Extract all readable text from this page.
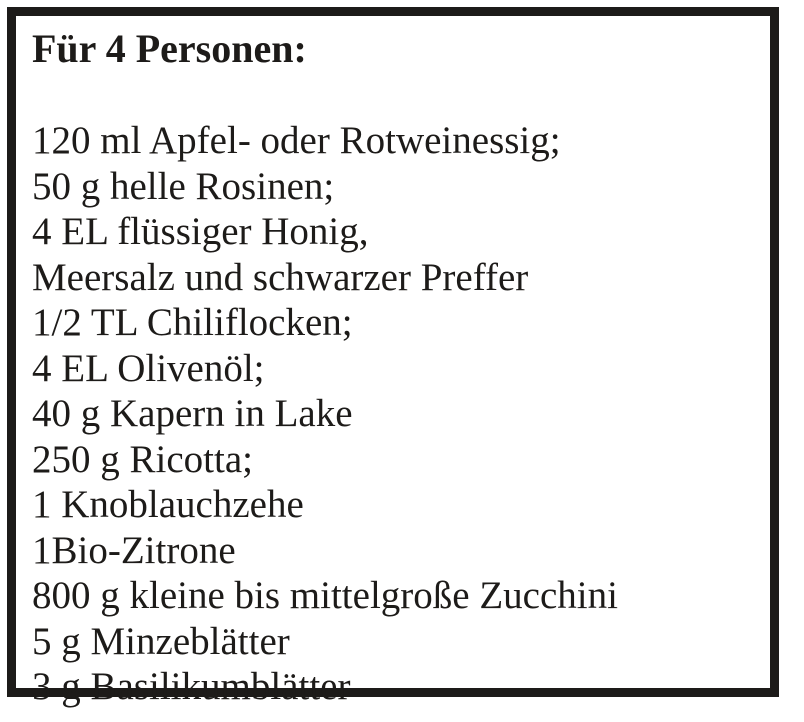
Für 4 Personen:
120 ml Apfel- oder Rotweinessig;
50 g helle Rosinen;
4 EL flüssiger Honig,
Meersalz und schwarzer Preffer
1/2 TL Chiliflocken;
4 EL Olivenöl;
40 g Kapern in Lake
250 g Ricotta;
1 Knoblauchzehe
1Bio-Zitrone
800 g kleine bis mittelgroße Zucchini
5 g Minzeblätter
3 g Basilikumblätter
